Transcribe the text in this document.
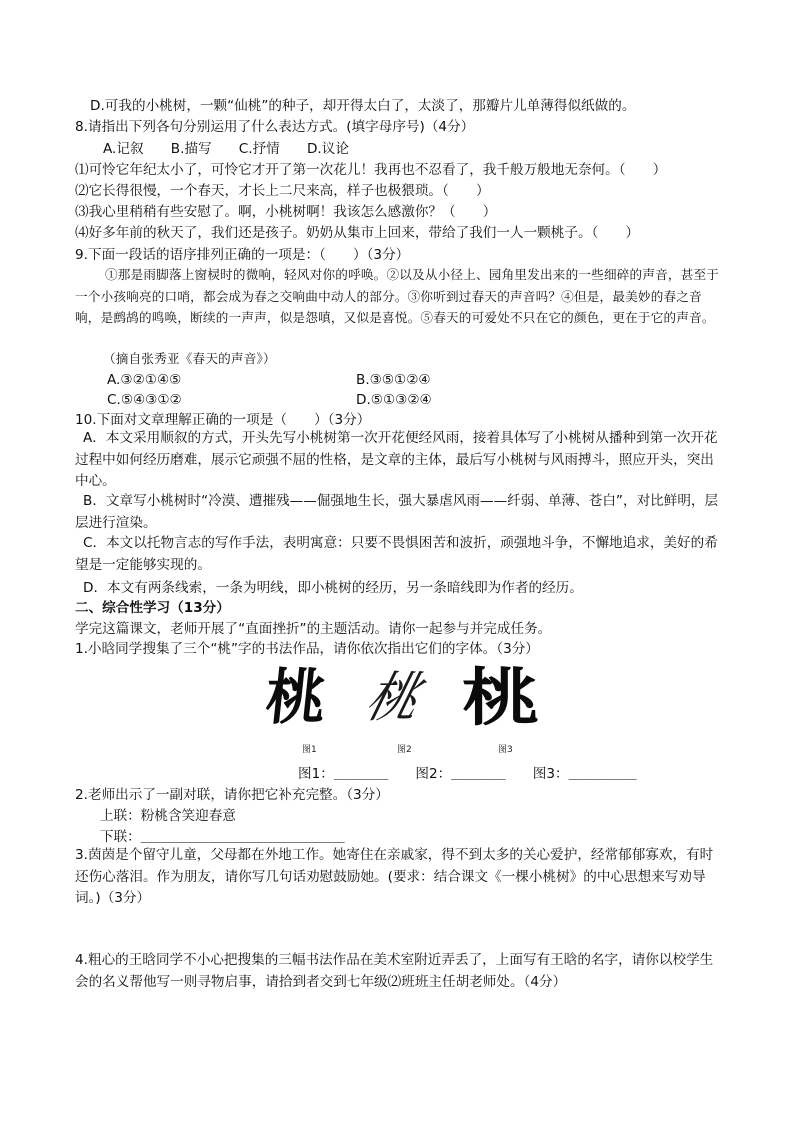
D.可我的小桃树，一颗“仙桃”的种子，却开得太白了，太淡了，那瓣片儿单薄得似纸做的。
8.请指出下列各句分别运用了什么表达方式。(填字母序号)（4分）
A.记叙　　B.描写　　C.抒情　　D.议论
⑴可怜它年纪太小了，可怜它才开了第一次花儿！我再也不忍看了，我千般万般地无奈何。（　　）
⑵它长得很慢，一个春天，才长上二尺来高，样子也极猥琐。（　　）
⑶我心里稍稍有些安慰了。啊，小桃树啊！我该怎么感激你？（　　）
⑷好多年前的秋天了，我们还是孩子。奶奶从集市上回来，带给了我们一人一颗桃子。（　　）
9.下面一段话的语序排列正确的一项是：（　　）（3分）
①那是雨脚落上窗棂时的微响，轻风对你的呼唤。②以及从小径上、园角里发出来的一些细碎的声音，甚至于一个小孩响亮的口哨，都会成为春之交响曲中动人的部分。③你听到过春天的声音吗？④但是，最美妙的春之音响，是鹧鸪的鸣唤，断续的一声声，似是怨嗔，又似是喜悦。⑤春天的可爱处不只在它的颜色，更在于它的声音。
（摘自张秀亚《春天的声音》）
A.③②①④⑤	B.③⑤①②④
C.⑤④③①②	D.⑤①③②④
10.下面对文章理解正确的一项是（　　）（3分）
A．本文采用顺叙的方式，开头先写小桃树第一次开花便经风雨，接着具体写了小桃树从播种到第一次开花过程中如何经历磨难，展示它顽强不屈的性格，是文章的主体，最后写小桃树与风雨搏斗，照应开头，突出中心。
B．文章写小桃树时“冷漠、遭摧残——倔强地生长，强大暴虐风雨——纤弱、单薄、苍白”，对比鲜明，层层进行渲染。
C．本文以托物言志的写作手法，表明寓意：只要不畏惧困苦和波折，顽强地斗争，不懈地追求，美好的希望是一定能够实现的。
D．本文有两条线索，一条为明线，即小桃树的经历，另一条暗线即为作者的经历。
二、综合性学习（13分）
学完这篇课文，老师开展了“直面挫折”的主题活动。请你一起参与并完成任务。
1.小晗同学搜集了三个“桃”字的书法作品，请你依次指出它们的字体。（3分）
桃 桃 桃
图1	图2	图3
图1：＿＿＿＿　　图2：＿＿＿＿　　图3：＿＿＿＿＿
2.老师出示了一副对联，请你把它补充完整。（3分）
上联：粉桃含笑迎春意
下联：＿＿＿＿＿＿＿＿＿＿＿＿＿＿＿
3.茵茵是个留守儿童，父母都在外地工作。她寄住在亲戚家，得不到太多的关心爱护，经常郁郁寡欢，有时还伤心落泪。作为朋友，请你写几句话劝慰鼓励她。(要求：结合课文《一棵小桃树》的中心思想来写劝导词。)（3分）
4.粗心的王晗同学不小心把搜集的三幅书法作品在美术室附近弄丢了，上面写有王晗的名字，请你以校学生会的名义帮他写一则寻物启事，请拾到者交到七年级⑵班班主任胡老师处。（4分）
